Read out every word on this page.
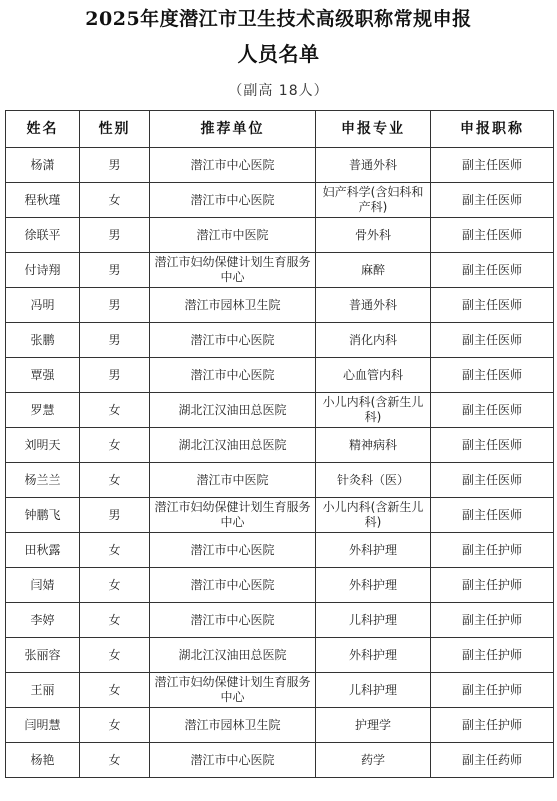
2025年度潜江市卫生技术高级职称常规申报
人员名单
（副高 18人）
姓名	性别	推荐单位	申报专业	申报职称
杨潇	男	潜江市中心医院	普通外科	副主任医师
程秋瑾	女	潜江市中心医院	妇产科学(含妇科和产科)	副主任医师
徐联平	男	潜江市中医院	骨外科	副主任医师
付诗翔	男	潜江市妇幼保健计划生育服务中心	麻醉	副主任医师
冯明	男	潜江市园林卫生院	普通外科	副主任医师
张鹏	男	潜江市中心医院	消化内科	副主任医师
覃强	男	潜江市中心医院	心血管内科	副主任医师
罗慧	女	湖北江汉油田总医院	小儿内科(含新生儿科)	副主任医师
刘明天	女	湖北江汉油田总医院	精神病科	副主任医师
杨兰兰	女	潜江市中医院	针灸科（医）	副主任医师
钟鹏飞	男	潜江市妇幼保健计划生育服务中心	小儿内科(含新生儿科)	副主任医师
田秋露	女	潜江市中心医院	外科护理	副主任护师
闫婧	女	潜江市中心医院	外科护理	副主任护师
李婷	女	潜江市中心医院	儿科护理	副主任护师
张丽容	女	湖北江汉油田总医院	外科护理	副主任护师
王丽	女	潜江市妇幼保健计划生育服务中心	儿科护理	副主任护师
闫明慧	女	潜江市园林卫生院	护理学	副主任护师
杨艳	女	潜江市中心医院	药学	副主任药师
